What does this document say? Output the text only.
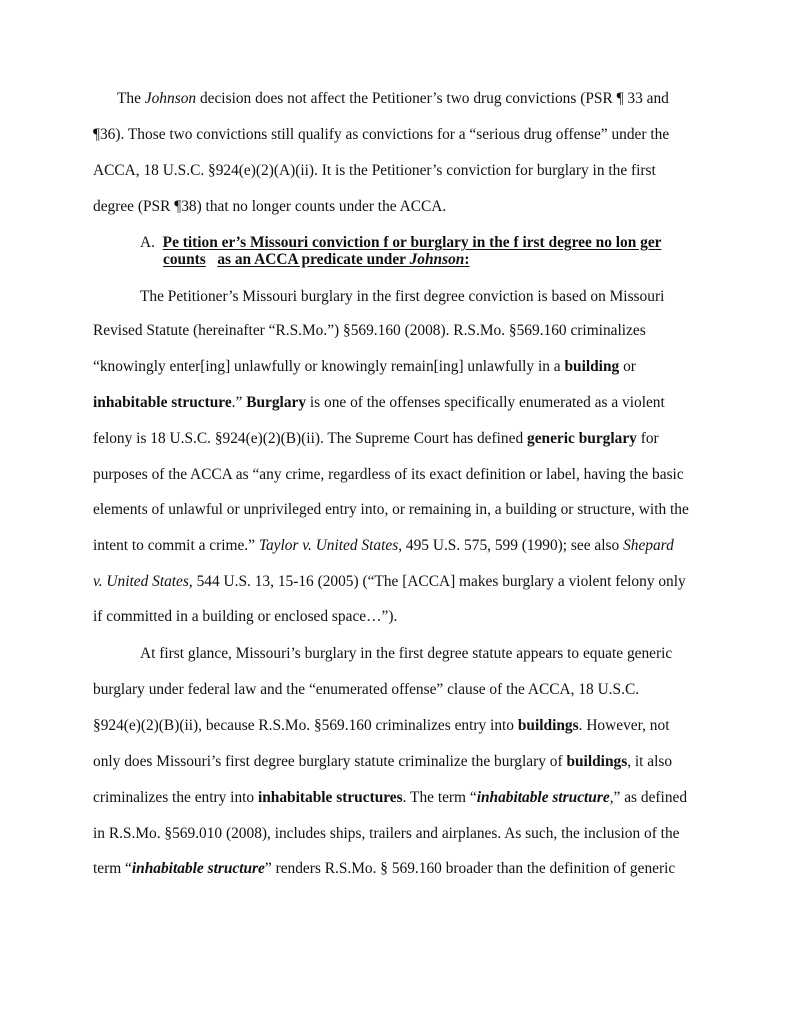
The Johnson decision does not affect the Petitioner’s two drug convictions (PSR ¶ 33 and

¶36). Those two convictions still qualify as convictions for a “serious drug offense” under the

ACCA, 18 U.S.C. §924(e)(2)(A)(ii). It is the Petitioner’s conviction for burglary in the first

degree (PSR ¶38) that no longer counts under the ACCA.

A. Pe tition er’s Missouri conviction f or burglary in the f irst degree no lon ger

counts as an ACCA predicate under Johnson:

The Petitioner’s Missouri burglary in the first degree conviction is based on Missouri

Revised Statute (hereinafter “R.S.Mo.”) §569.160 (2008). R.S.Mo. §569.160 criminalizes

“knowingly enter[ing] unlawfully or knowingly remain[ing] unlawfully in a building or

inhabitable structure.” Burglary is one of the offenses specifically enumerated as a violent

felony is 18 U.S.C. §924(e)(2)(B)(ii). The Supreme Court has defined generic burglary for

purposes of the ACCA as “any crime, regardless of its exact definition or label, having the basic

elements of unlawful or unprivileged entry into, or remaining in, a building or structure, with the

intent to commit a crime.” Taylor v. United States, 495 U.S. 575, 599 (1990); see also Shepard

v. United States, 544 U.S. 13, 15-16 (2005) (“The [ACCA] makes burglary a violent felony only

if committed in a building or enclosed space…”).

At first glance, Missouri’s burglary in the first degree statute appears to equate generic

burglary under federal law and the “enumerated offense” clause of the ACCA, 18 U.S.C.

§924(e)(2)(B)(ii), because R.S.Mo. §569.160 criminalizes entry into buildings. However, not

only does Missouri’s first degree burglary statute criminalize the burglary of buildings, it also

criminalizes the entry into inhabitable structures. The term “inhabitable structure,” as defined

in R.S.Mo. §569.010 (2008), includes ships, trailers and airplanes. As such, the inclusion of the

term “inhabitable structure” renders R.S.Mo. § 569.160 broader than the definition of generic
